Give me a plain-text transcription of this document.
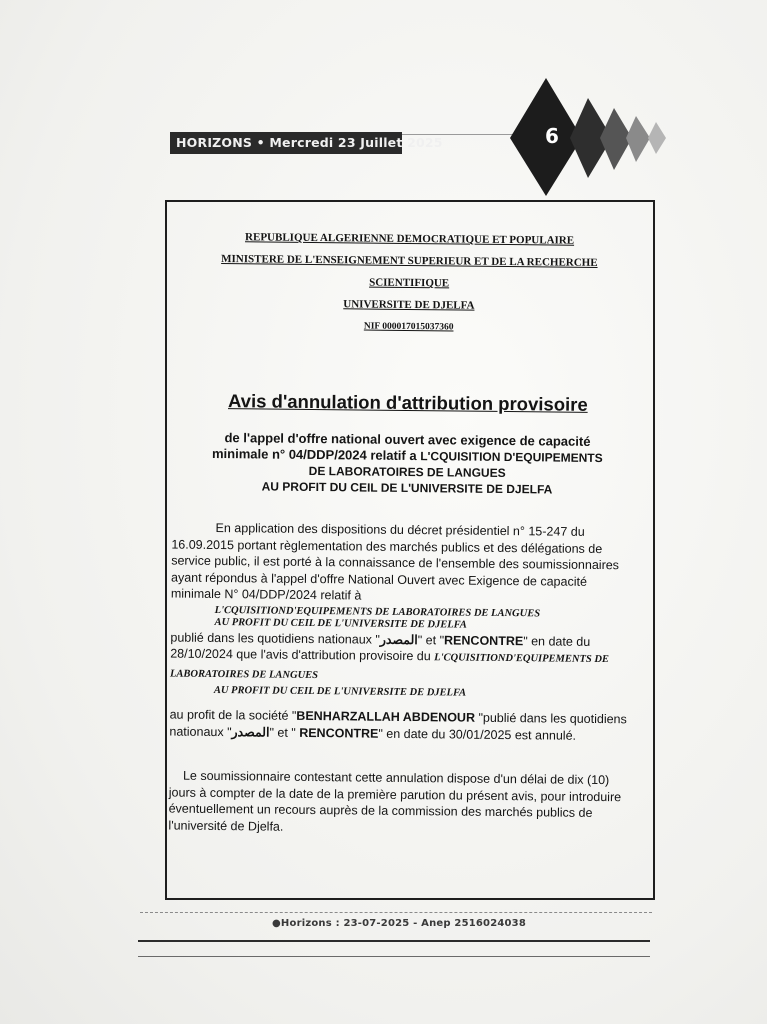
HORIZONS • Mercredi 23 Juillet 2025	6
REPUBLIQUE ALGERIENNE DEMOCRATIQUE ET POPULAIRE
MINISTERE DE L'ENSEIGNEMENT SUPERIEUR ET DE LA RECHERCHE
SCIENTIFIQUE
UNIVERSITE DE DJELFA
NIF 000017015037360
Avis d'annulation d'attribution provisoire
de l'appel d'offre national ouvert avec exigence de capacité
minimale n° 04/DDP/2024 relatif a L'CQUISITION D'EQUIPEMENTS
DE LABORATOIRES DE LANGUES
AU PROFIT DU CEIL DE L'UNIVERSITE DE DJELFA
En application des dispositions du décret présidentiel n° 15-247 du 16.09.2015 portant règlementation des marchés publics et des délégations de service public, il est porté à la connaissance de l'ensemble des soumissionnaires ayant répondus à l'appel d'offre National Ouvert avec Exigence de capacité minimale N° 04/DDP/2024 relatif à
L'CQUISITIOND'EQUIPEMENTS DE LABORATOIRES DE LANGUES
AU PROFIT DU CEIL DE L'UNIVERSITE DE DJELFA
publié dans les quotidiens nationaux "المصدر" et "RENCONTRE" en date du 28/10/2024 que l'avis d'attribution provisoire du L'CQUISITIOND'EQUIPEMENTS DE LABORATOIRES DE LANGUES
AU PROFIT DU CEIL DE L'UNIVERSITE DE DJELFA
au profit de la société "BENHARZALLAH ABDENOUR "publié dans les quotidiens nationaux "المصدر" et " RENCONTRE" en date du 30/01/2025 est annulé.
Le soumissionnaire contestant cette annulation dispose d'un délai de dix (10) jours à compter de la date de la première parution du présent avis, pour introduire éventuellement un recours auprès de la commission des marchés publics de l'université de Djelfa.
●Horizons : 23-07-2025 - Anep 2516024038
